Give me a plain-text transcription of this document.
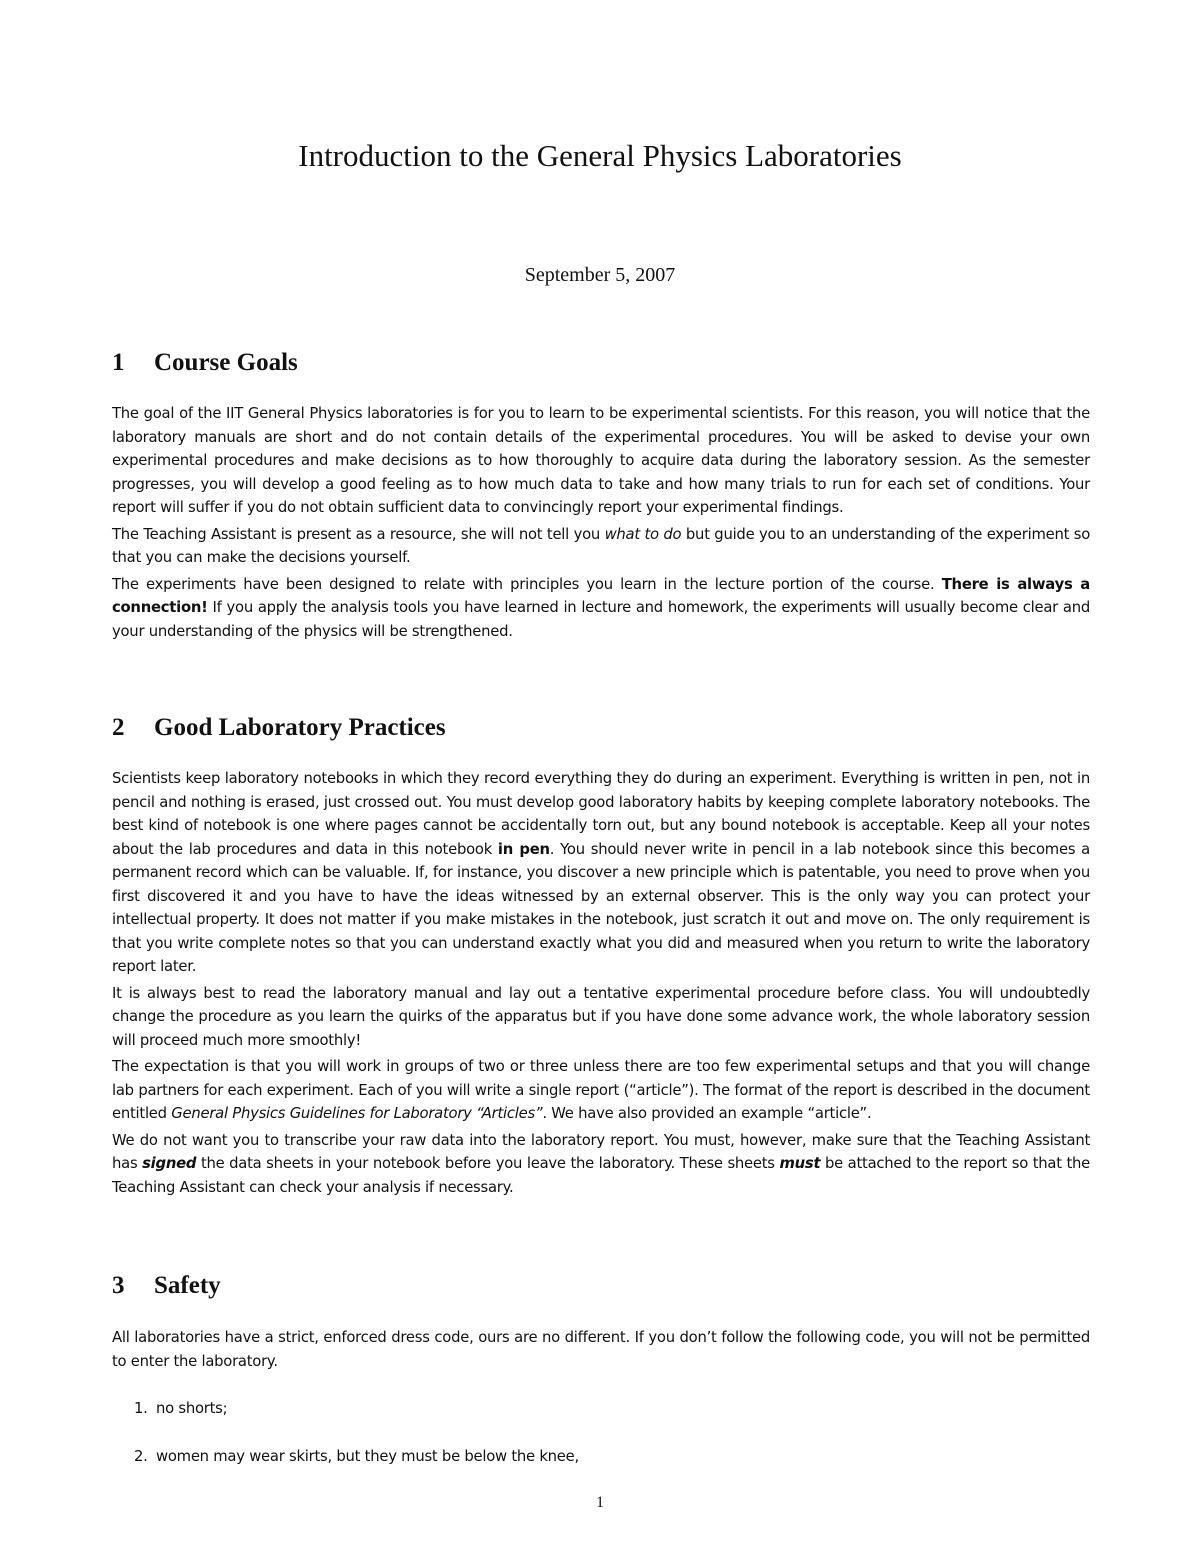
Introduction to the General Physics Laboratories
September 5, 2007
1 Course Goals

The goal of the IIT General Physics laboratories is for you to learn to be experimental scientists. For this reason, you will notice that the laboratory manuals are short and do not contain details of the experimental procedures. You will be asked to devise your own experimental procedures and make decisions as to how thoroughly to acquire data during the laboratory session. As the semester progresses, you will develop a good feeling as to how much data to take and how many trials to run for each set of conditions. Your report will suffer if you do not obtain sufficient data to convincingly report your experimental findings.

The Teaching Assistant is present as a resource, she will not tell you what to do but guide you to an understanding of the experiment so that you can make the decisions yourself.

The experiments have been designed to relate with principles you learn in the lecture portion of the course. There is always a connection! If you apply the analysis tools you have learned in lecture and homework, the experiments will usually become clear and your understanding of the physics will be strengthened.

2 Good Laboratory Practices

Scientists keep laboratory notebooks in which they record everything they do during an experiment. Everything is written in pen, not in pencil and nothing is erased, just crossed out. You must develop good laboratory habits by keeping complete laboratory notebooks. The best kind of notebook is one where pages cannot be accidentally torn out, but any bound notebook is acceptable. Keep all your notes about the lab procedures and data in this notebook in pen. You should never write in pencil in a lab notebook since this becomes a permanent record which can be valuable. If, for instance, you discover a new principle which is patentable, you need to prove when you first discovered it and you have to have the ideas witnessed by an external observer. This is the only way you can protect your intellectual property. It does not matter if you make mistakes in the notebook, just scratch it out and move on. The only requirement is that you write complete notes so that you can understand exactly what you did and measured when you return to write the laboratory report later.

It is always best to read the laboratory manual and lay out a tentative experimental procedure before class. You will undoubtedly change the procedure as you learn the quirks of the apparatus but if you have done some advance work, the whole laboratory session will proceed much more smoothly!

The expectation is that you will work in groups of two or three unless there are too few experimental setups and that you will change lab partners for each experiment. Each of you will write a single report (“article”). The format of the report is described in the document entitled General Physics Guidelines for Laboratory “Articles”. We have also provided an example “article”.

We do not want you to transcribe your raw data into the laboratory report. You must, however, make sure that the Teaching Assistant has signed the data sheets in your notebook before you leave the laboratory. These sheets must be attached to the report so that the Teaching Assistant can check your analysis if necessary.

3 Safety

All laboratories have a strict, enforced dress code, ours are no different. If you don’t follow the following code, you will not be permitted to enter the laboratory.

1. no shorts;
2. women may wear skirts, but they must be below the knee,
1
